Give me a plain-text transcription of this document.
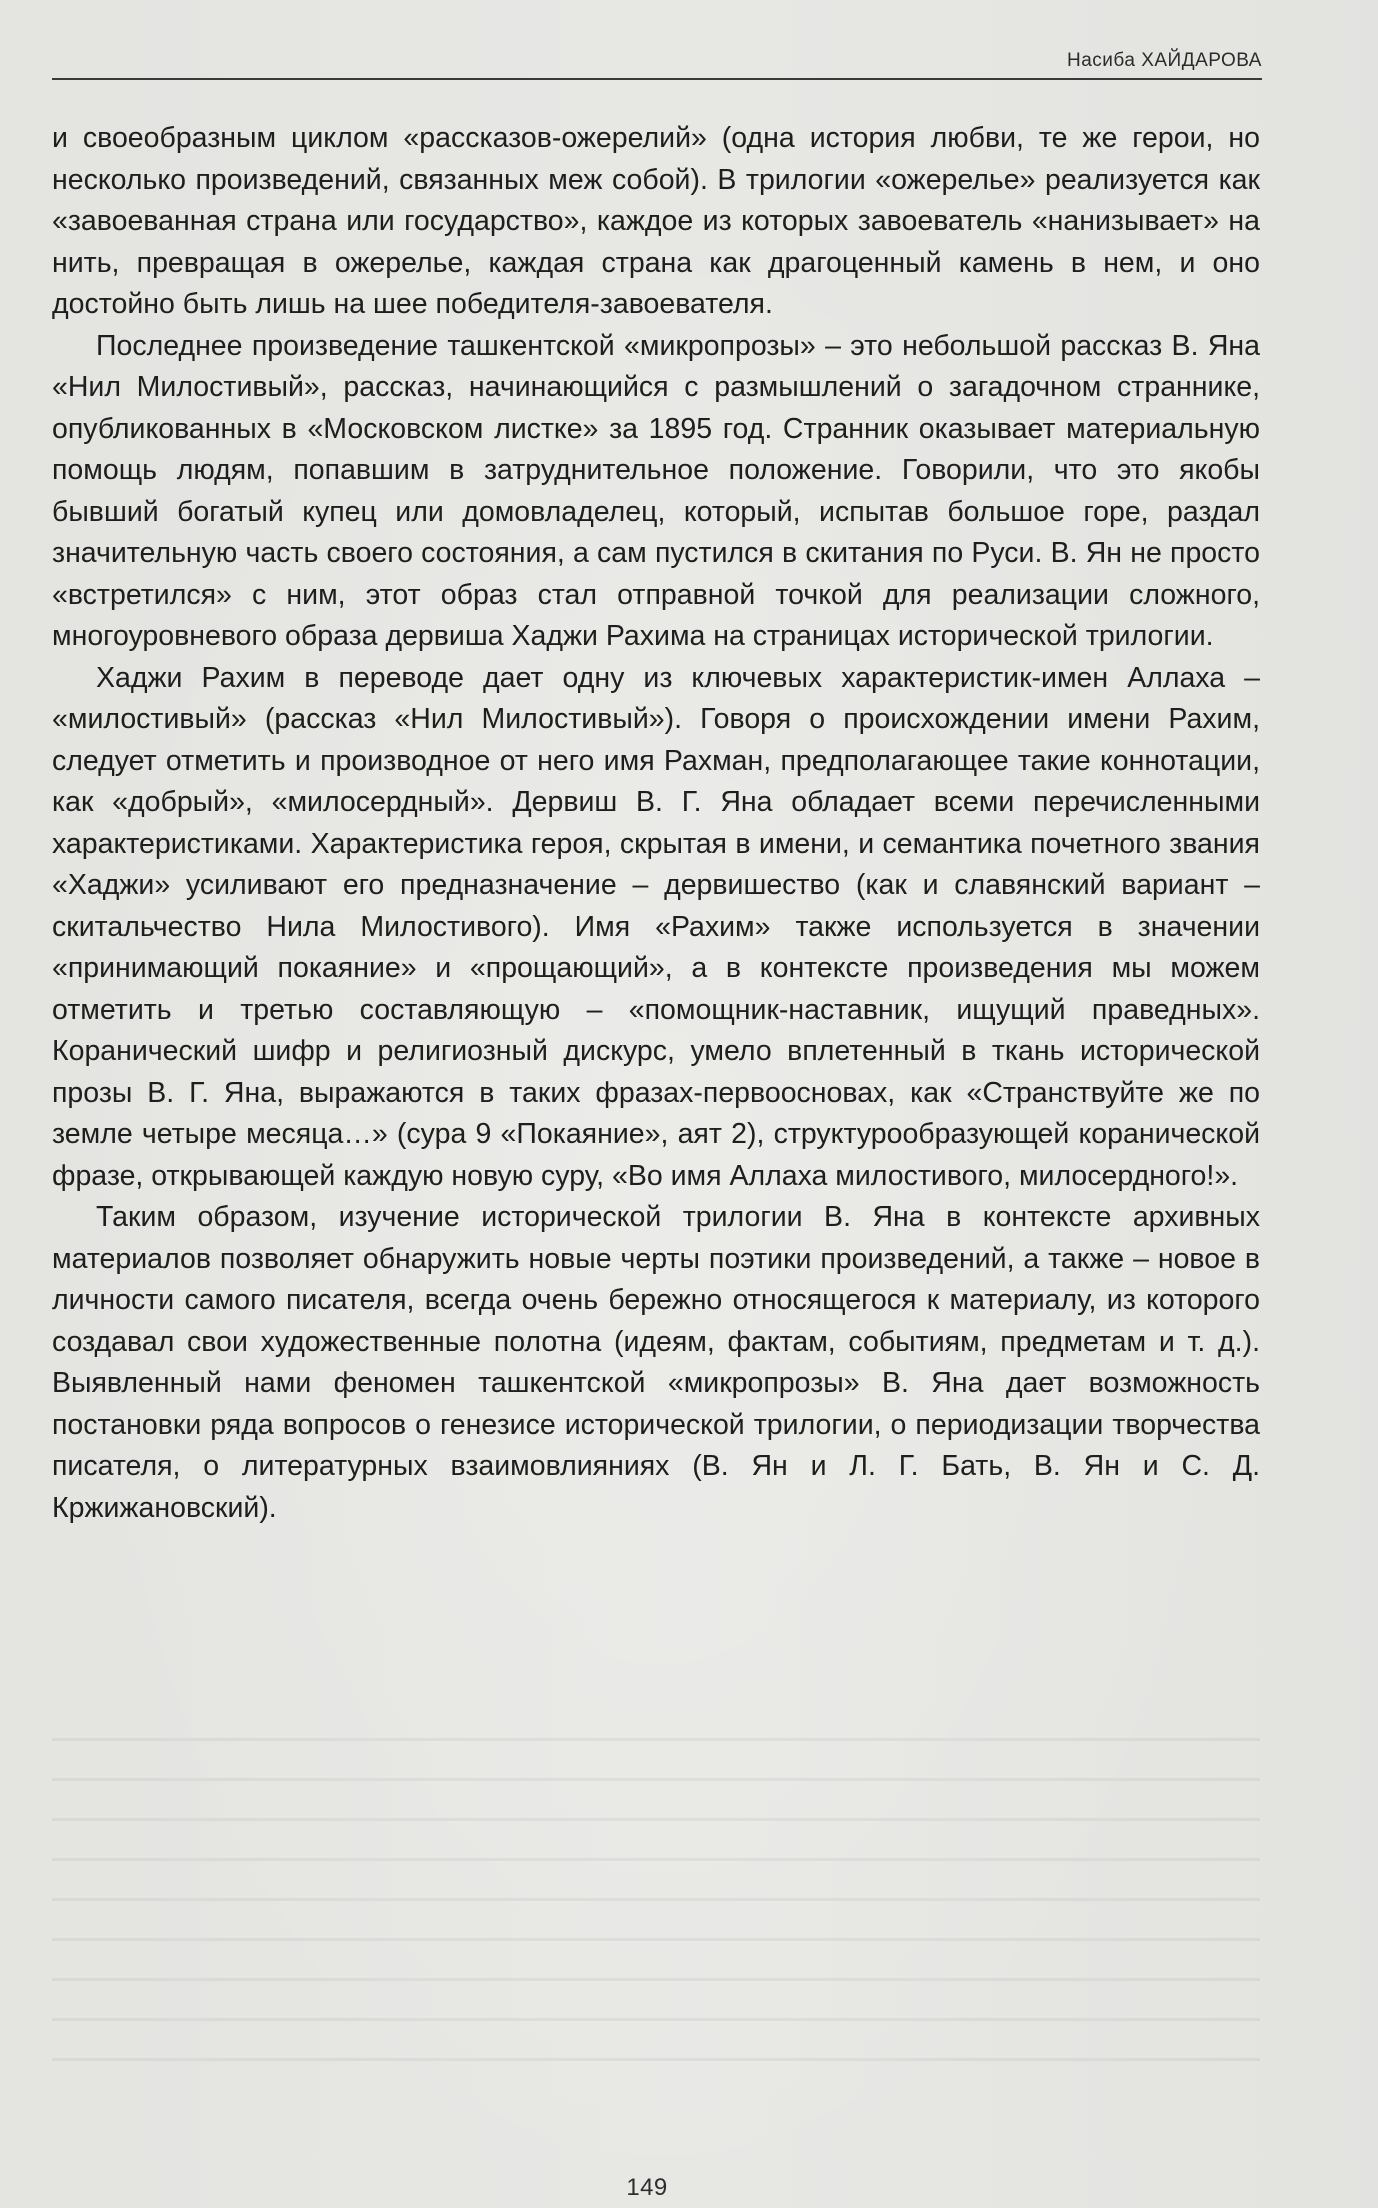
Насиба ХАЙДАРОВА

и своеобразным циклом «рассказов-ожерелий» (одна история любви, те же герои, но несколько произведений, связанных меж собой). В трилогии «ожерелье» реализуется как «завоеванная страна или государство», каждое из которых завоеватель «нанизывает» на нить, превращая в ожерелье, каждая страна как драгоценный камень в нем, и оно достойно быть лишь на шее победителя-завоевателя.

Последнее произведение ташкентской «микропрозы» – это небольшой рассказ В. Яна «Нил Милостивый», рассказ, начинающийся с размышлений о загадочном страннике, опубликованных в «Московском листке» за 1895 год. Странник оказывает материальную помощь людям, попавшим в затруднительное положение. Говорили, что это якобы бывший богатый купец или домовладелец, который, испытав большое горе, раздал значительную часть своего состояния, а сам пустился в скитания по Руси. В. Ян не просто «встретился» с ним, этот образ стал отправной точкой для реализации сложного, многоуровневого образа дервиша Хаджи Рахима на страницах исторической трилогии.

Хаджи Рахим в переводе дает одну из ключевых характеристик-имен Аллаха – «милостивый» (рассказ «Нил Милостивый»). Говоря о происхождении имени Рахим, следует отметить и производное от него имя Рахман, предполагающее такие коннотации, как «добрый», «милосердный». Дервиш В. Г. Яна обладает всеми перечисленными характеристиками. Характеристика героя, скрытая в имени, и семантика почетного звания «Хаджи» усиливают его предназначение – дервишество (как и славянский вариант – скитальчество Нила Милостивого). Имя «Рахим» также используется в значении «принимающий покаяние» и «прощающий», а в контексте произведения мы можем отметить и третью составляющую – «помощник-наставник, ищущий праведных». Коранический шифр и религиозный дискурс, умело вплетенный в ткань исторической прозы В. Г. Яна, выражаются в таких фразах-первоосновах, как «Странствуйте же по земле четыре месяца…» (сура 9 «Покаяние», аят 2), структурообразующей коранической фразе, открывающей каждую новую суру, «Во имя Аллаха милостивого, милосердного!».

Таким образом, изучение исторической трилогии В. Яна в контексте архивных материалов позволяет обнаружить новые черты поэтики произведений, а также – новое в личности самого писателя, всегда очень бережно относящегося к материалу, из которого создавал свои художественные полотна (идеям, фактам, событиям, предметам и т. д.). Выявленный нами феномен ташкентской «микропрозы» В. Яна дает возможность постановки ряда вопросов о генезисе исторической трилогии, о периодизации творчества писателя, о литературных взаимовлияниях (В. Ян и Л. Г. Бать, В. Ян и С. Д. Кржижановский).

149
